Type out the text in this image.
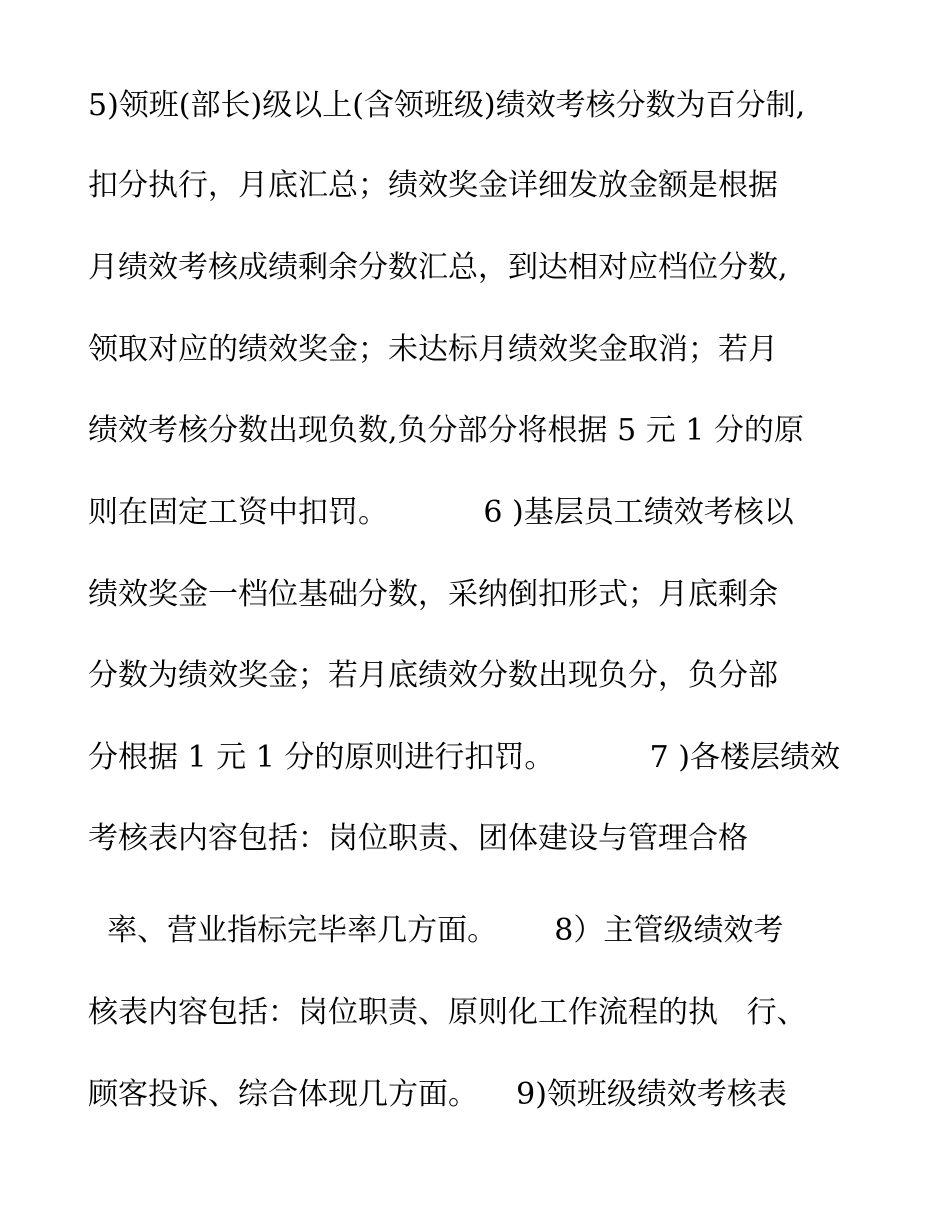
5)领班(部长)级以上(含领班级)绩效考核分数为百分制,
扣分执行，月底汇总；绩效奖金详细发放金额是根据
月绩效考核成绩剩余分数汇总，到达相对应档位分数,
领取对应的绩效奖金；未达标月绩效奖金取消；若月
绩效考核分数出现负数,负分部分将根据 5 元 1 分的原
则在固定工资中扣罚。          6 )基层员工绩效考核以
绩效奖金一档位基础分数，采纳倒扣形式；月底剩余
分数为绩效奖金；若月底绩效分数出现负分，负分部
分根据 1 元 1 分的原则进行扣罚。          7 )各楼层绩效
考核表内容包括：岗位职责、团体建设与管理合格
率、营业指标完毕率几方面。      8）主管级绩效考
核表内容包括：岗位职责、原则化工作流程的执   行、
顾客投诉、综合体现几方面。    9)领班级绩效考核表
